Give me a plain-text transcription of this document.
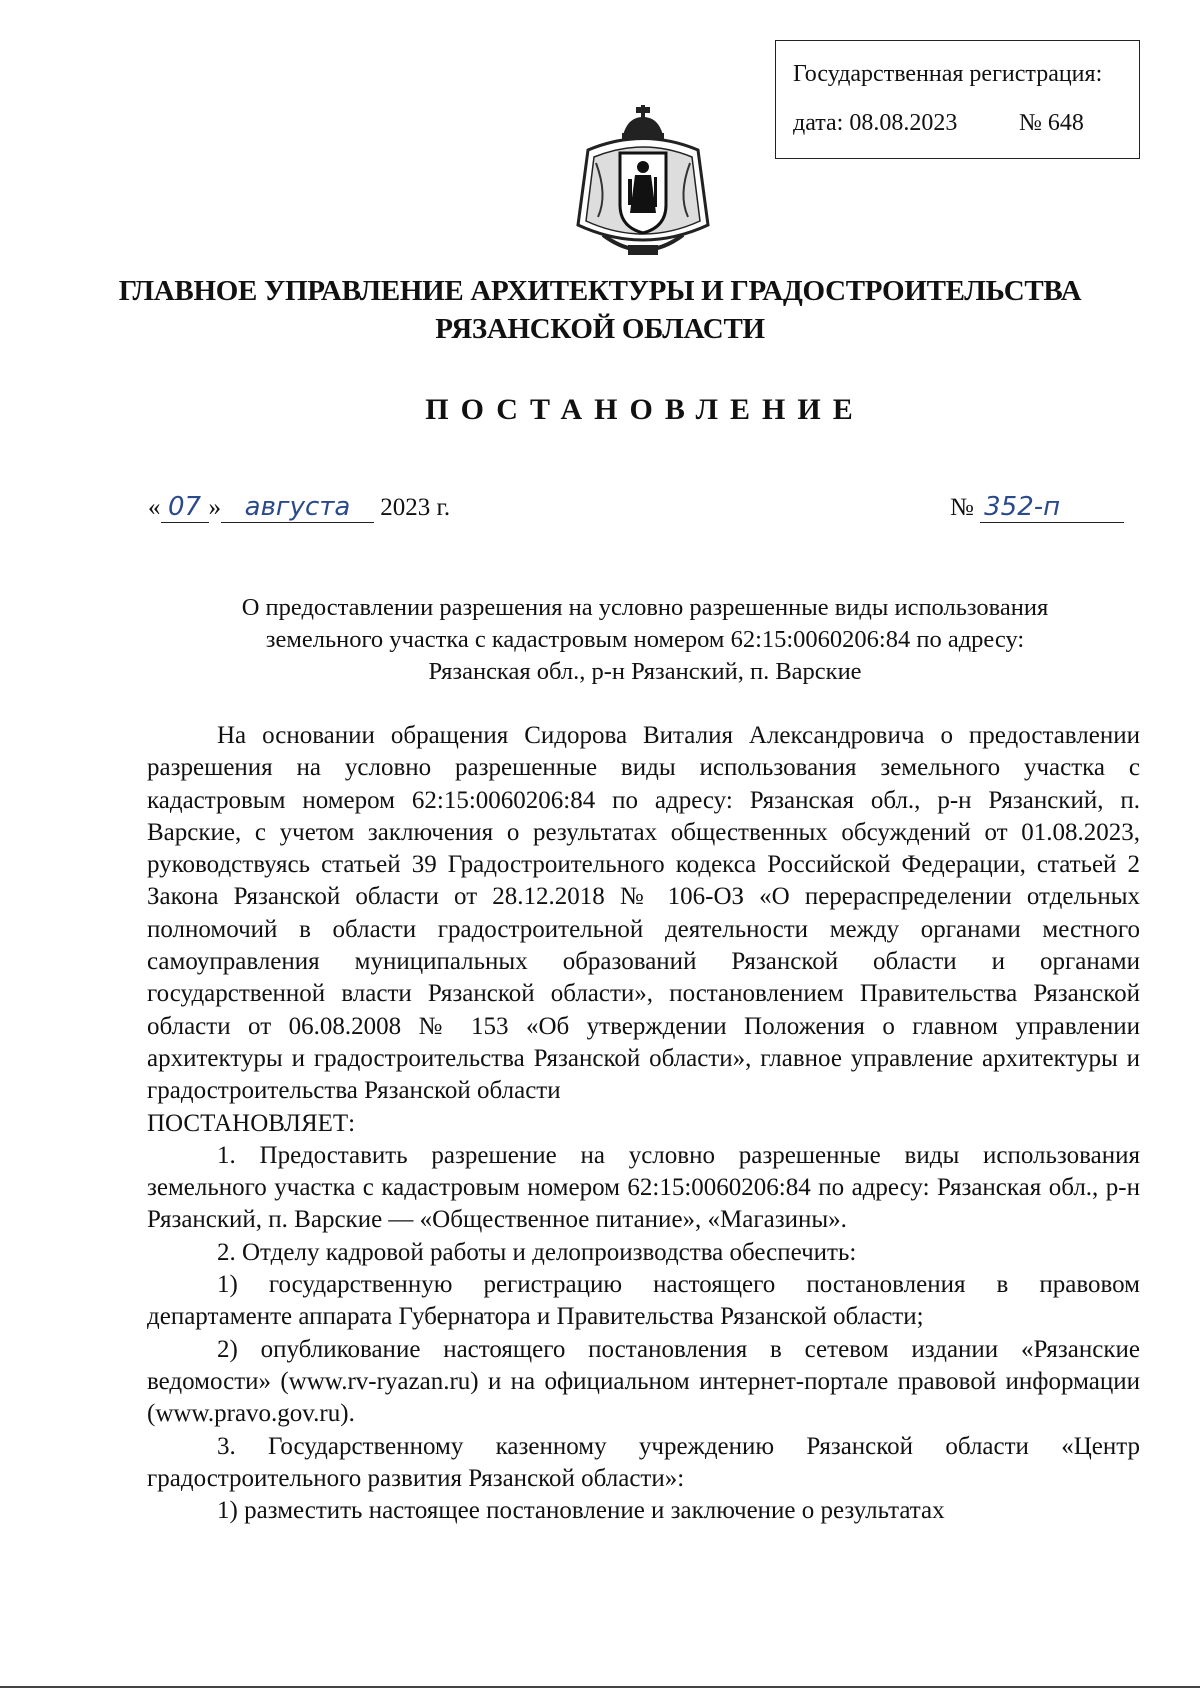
Государственная регистрация:
дата: 08.08.2023	№ 648
ГЛАВНОЕ УПРАВЛЕНИЕ АРХИТЕКТУРЫ И ГРАДОСТРОИТЕЛЬСТВА
РЯЗАНСКОЙ ОБЛАСТИ
ПОСТАНОВЛЕНИЕ
« 07 » августа 2023 г.	№ 352-п
О предоставлении разрешения на условно разрешенные виды использования
земельного участка с кадастровым номером 62:15:0060206:84 по адресу:
Рязанская обл., р-н Рязанский, п. Варские

На основании обращения Сидорова Виталия Александровича о предоставлении разрешения на условно разрешенные виды использования земельного участка с кадастровым номером 62:15:0060206:84 по адресу: Рязанская обл., р-н Рязанский, п. Варские, с учетом заключения о результатах общественных обсуждений от 01.08.2023, руководствуясь статьей 39 Градостроительного кодекса Российской Федерации, статьей 2 Закона Рязанской области от 28.12.2018 № 106-ОЗ «О перераспределении отдельных полномочий в области градостроительной деятельности между органами местного самоуправления муниципальных образований Рязанской области и органами государственной власти Рязанской области», постановлением Правительства Рязанской области от 06.08.2008 № 153 «Об утверждении Положения о главном управлении архитектуры и градостроительства Рязанской области», главное управление архитектуры и градостроительства Рязанской области

ПОСТАНОВЛЯЕТ:

1. Предоставить разрешение на условно разрешенные виды использования земельного участка с кадастровым номером 62:15:0060206:84 по адресу: Рязанская обл., р-н Рязанский, п. Варские — «Общественное питание», «Магазины».

2. Отделу кадровой работы и делопроизводства обеспечить:

1) государственную регистрацию настоящего постановления в правовом департаменте аппарата Губернатора и Правительства Рязанской области;

2) опубликование настоящего постановления в сетевом издании «Рязанские ведомости» (www.rv-ryazan.ru) и на официальном интернет-портале правовой информации (www.pravo.gov.ru).

3. Государственному казенному учреждению Рязанской области «Центр градостроительного развития Рязанской области»:

1) разместить настоящее постановление и заключение о результатах
